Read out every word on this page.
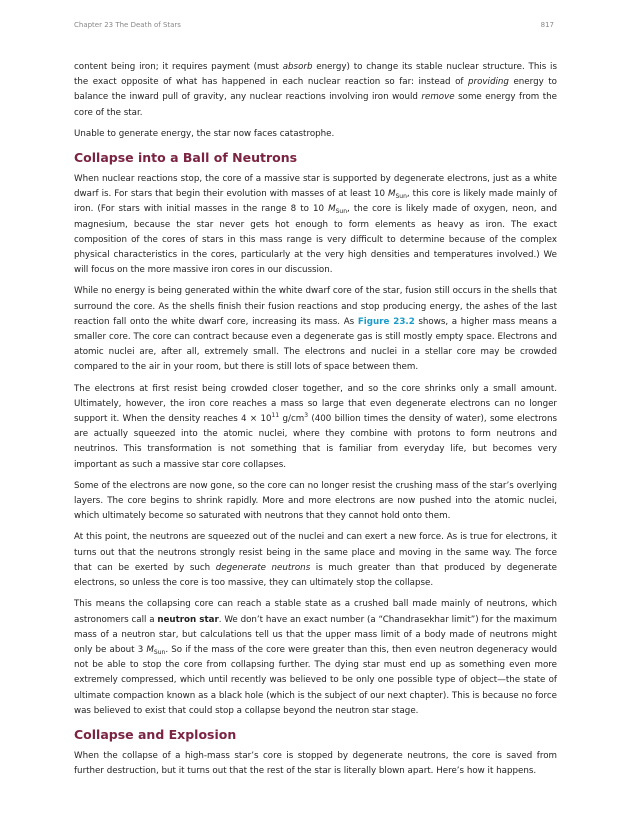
Chapter 23 The Death of Stars	817

content being iron; it requires payment (must absorb energy) to change its stable nuclear structure. This is the exact opposite of what has happened in each nuclear reaction so far: instead of providing energy to balance the inward pull of gravity, any nuclear reactions involving iron would remove some energy from the core of the star.

Unable to generate energy, the star now faces catastrophe.

Collapse into a Ball of Neutrons

When nuclear reactions stop, the core of a massive star is supported by degenerate electrons, just as a white dwarf is. For stars that begin their evolution with masses of at least 10 $M_{Sun}$, this core is likely made mainly of iron. (For stars with initial masses in the range 8 to 10 $M_{Sun}$, the core is likely made of oxygen, neon, and magnesium, because the star never gets hot enough to form elements as heavy as iron. The exact composition of the cores of stars in this mass range is very difficult to determine because of the complex physical characteristics in the cores, particularly at the very high densities and temperatures involved.) We will focus on the more massive iron cores in our discussion.

While no energy is being generated within the white dwarf core of the star, fusion still occurs in the shells that surround the core. As the shells finish their fusion reactions and stop producing energy, the ashes of the last reaction fall onto the white dwarf core, increasing its mass. As Figure 23.2 shows, a higher mass means a smaller core. The core can contract because even a degenerate gas is still mostly empty space. Electrons and atomic nuclei are, after all, extremely small. The electrons and nuclei in a stellar core may be crowded compared to the air in your room, but there is still lots of space between them.

The electrons at first resist being crowded closer together, and so the core shrinks only a small amount. Ultimately, however, the iron core reaches a mass so large that even degenerate electrons can no longer support it. When the density reaches $4 \times 10^{11}$ $g/cm^3$ (400 billion times the density of water), some electrons are actually squeezed into the atomic nuclei, where they combine with protons to form neutrons and neutrinos. This transformation is not something that is familiar from everyday life, but becomes very important as such a massive star core collapses.

Some of the electrons are now gone, so the core can no longer resist the crushing mass of the star’s overlying layers. The core begins to shrink rapidly. More and more electrons are now pushed into the atomic nuclei, which ultimately become so saturated with neutrons that they cannot hold onto them.

At this point, the neutrons are squeezed out of the nuclei and can exert a new force. As is true for electrons, it turns out that the neutrons strongly resist being in the same place and moving in the same way. The force that can be exerted by such degenerate neutrons is much greater than that produced by degenerate electrons, so unless the core is too massive, they can ultimately stop the collapse.

This means the collapsing core can reach a stable state as a crushed ball made mainly of neutrons, which astronomers call a neutron star. We don’t have an exact number (a “Chandrasekhar limit”) for the maximum mass of a neutron star, but calculations tell us that the upper mass limit of a body made of neutrons might only be about 3 $M_{Sun}$. So if the mass of the core were greater than this, then even neutron degeneracy would not be able to stop the core from collapsing further. The dying star must end up as something even more extremely compressed, which until recently was believed to be only one possible type of object—the state of ultimate compaction known as a black hole (which is the subject of our next chapter). This is because no force was believed to exist that could stop a collapse beyond the neutron star stage.

Collapse and Explosion

When the collapse of a high-mass star’s core is stopped by degenerate neutrons, the core is saved from further destruction, but it turns out that the rest of the star is literally blown apart. Here’s how it happens.
